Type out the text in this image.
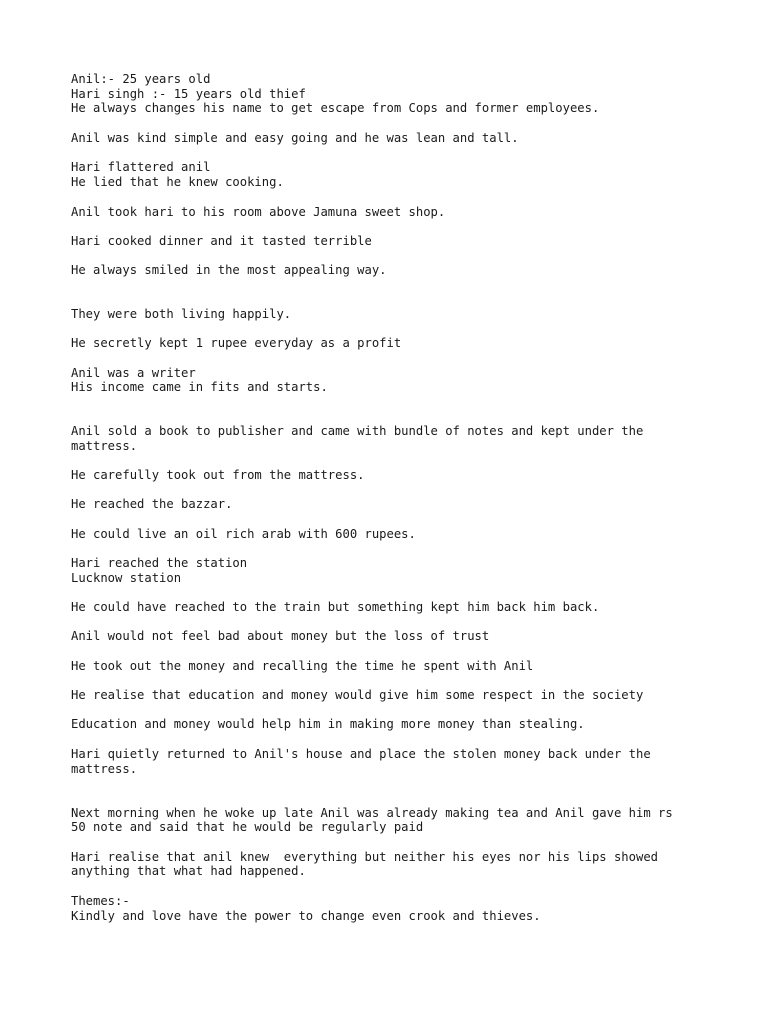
Anil:- 25 years old
Hari singh :- 15 years old thief
He always changes his name to get escape from Cops and former employees.
Anil was kind simple and easy going and he was lean and tall.
Hari flattered anil
He lied that he knew cooking.
Anil took hari to his room above Jamuna sweet shop.
Hari cooked dinner and it tasted terrible
He always smiled in the most appealing way.
They were both living happily.
He secretly kept 1 rupee everyday as a profit
Anil was a writer
His income came in fits and starts.
Anil sold a book to publisher and came with bundle of notes and kept under the
mattress.
He carefully took out from the mattress.
He reached the bazzar.
He could live an oil rich arab with 600 rupees.
Hari reached the station
Lucknow station
He could have reached to the train but something kept him back him back.
Anil would not feel bad about money but the loss of trust
He took out the money and recalling the time he spent with Anil
He realise that education and money would give him some respect in the society
Education and money would help him in making more money than stealing.
Hari quietly returned to Anil's house and place the stolen money back under the
mattress.
Next morning when he woke up late Anil was already making tea and Anil gave him rs
50 note and said that he would be regularly paid
Hari realise that anil knew  everything but neither his eyes nor his lips showed
anything that what had happened.
Themes:-
Kindly and love have the power to change even crook and thieves.
